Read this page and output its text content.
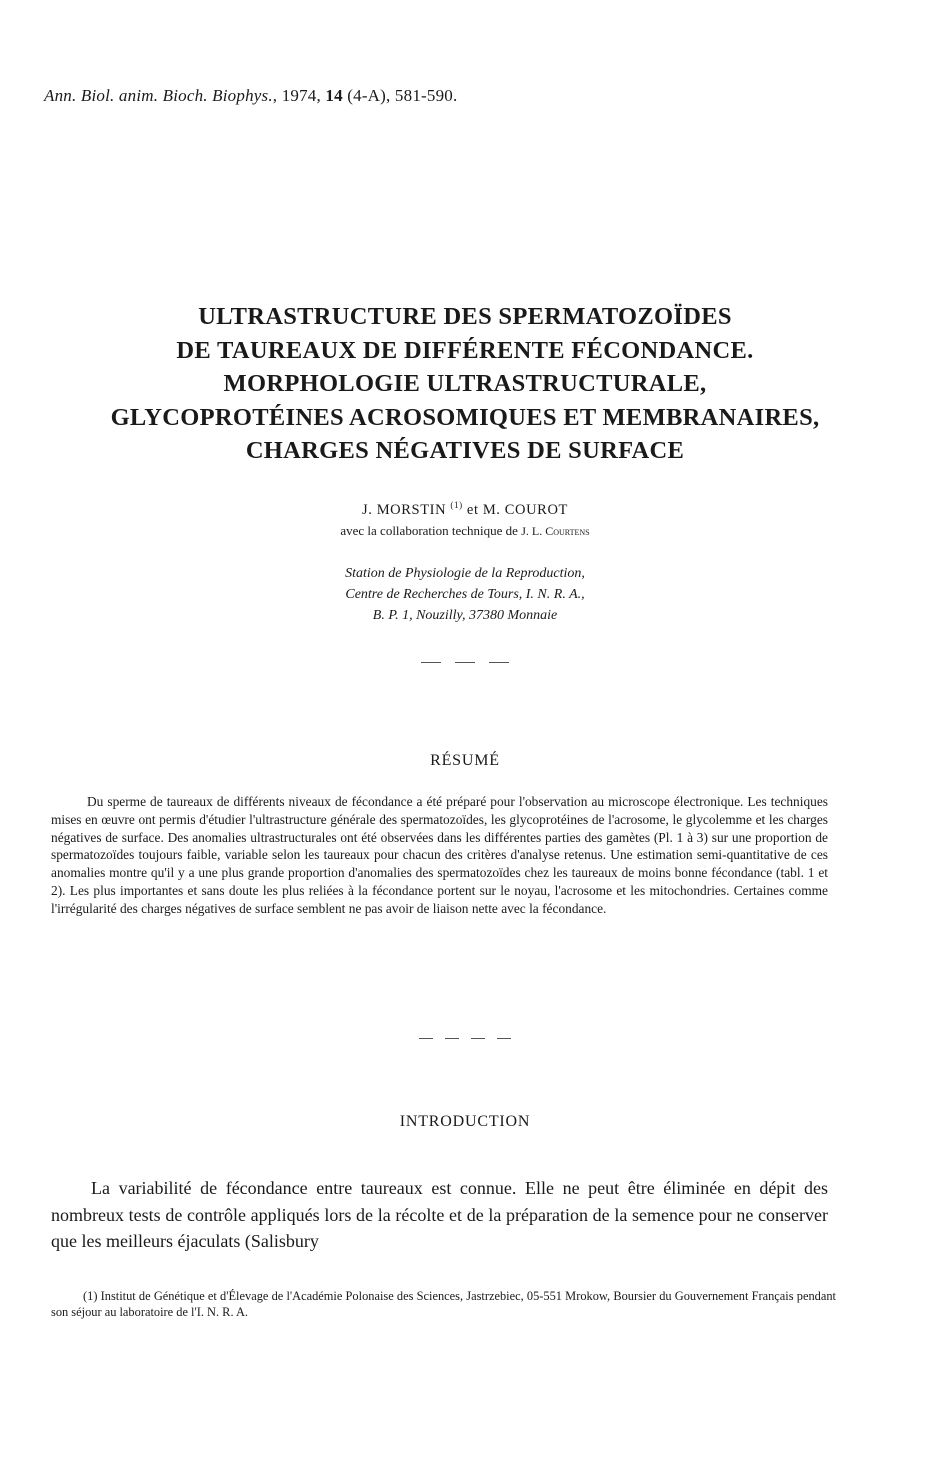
Ann. Biol. anim. Bioch. Biophys., 1974, 14 (4-A), 581-590.
ULTRASTRUCTURE DES SPERMATOZOÏDES
DE TAUREAUX DE DIFFÉRENTE FÉCONDANCE.
MORPHOLOGIE ULTRASTRUCTURALE,
GLYCOPROTÉINES ACROSOMIQUES ET MEMBRANAIRES,
CHARGES NÉGATIVES DE SURFACE
J. MORSTIN $^{(1)}$ et M. COUROT
avec la collaboration technique de J. L. Courtens
Station de Physiologie de la Reproduction,
Centre de Recherches de Tours, I. N. R. A.,
B. P. 1, Nouzilly, 37380 Monnaie
RÉSUMÉ

Du sperme de taureaux de différents niveaux de fécondance a été préparé pour l'observation au microscope électronique. Les techniques mises en œuvre ont permis d'étudier l'ultrastructure générale des spermatozoïdes, les glycoprotéines de l'acrosome, le glycolemme et les charges négatives de surface. Des anomalies ultrastructurales ont été observées dans les différentes parties des gamètes (Pl. 1 à 3) sur une proportion de spermatozoïdes toujours faible, variable selon les taureaux pour chacun des critères d'analyse retenus. Une estimation semi-quantitative de ces anomalies montre qu'il y a une plus grande proportion d'anomalies des spermatozoïdes chez les taureaux de moins bonne fécondance (tabl. 1 et 2). Les plus importantes et sans doute les plus reliées à la fécondance portent sur le noyau, l'acrosome et les mitochondries. Certaines comme l'irrégularité des charges négatives de surface semblent ne pas avoir de liaison nette avec la fécondance.

INTRODUCTION

La variabilité de fécondance entre taureaux est connue. Elle ne peut être éliminée en dépit des nombreux tests de contrôle appliqués lors de la récolte et de la préparation de la semence pour ne conserver que les meilleurs éjaculats (Salisbury

(1) Institut de Génétique et d'Élevage de l'Académie Polonaise des Sciences, Jastrzebiec, 05-551 Mrokow, Boursier du Gouvernement Français pendant son séjour au laboratoire de l'I. N. R. A.
